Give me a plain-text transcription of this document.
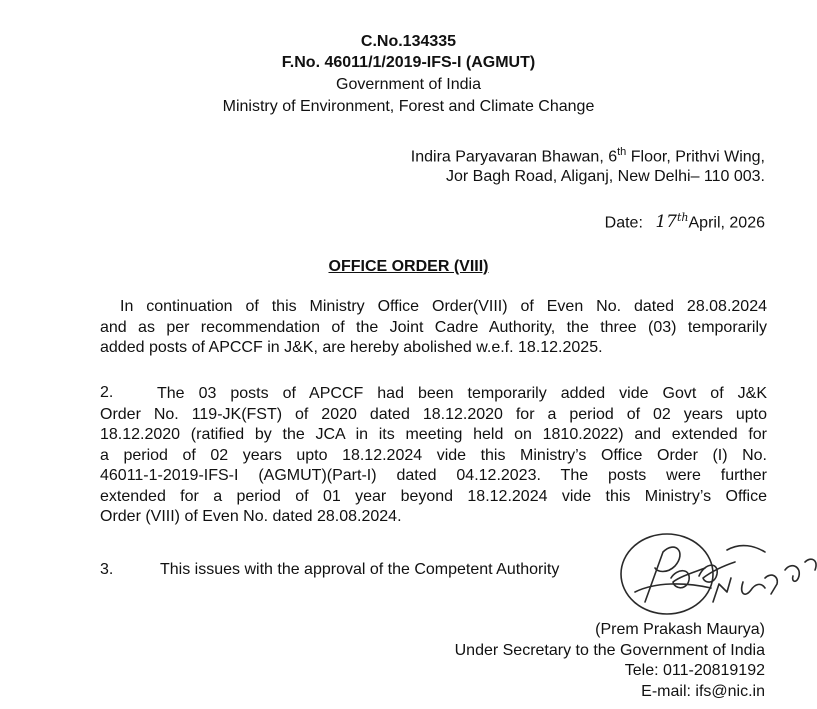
C.No.134335
F.No. 46011/1/2019-IFS-I (AGMUT)
Government of India
Ministry of Environment, Forest and Climate Change
Indira Paryavaran Bhawan, 6th Floor, Prithvi Wing,
Jor Bagh Road, Aliganj, New Delhi– 110 003.
Date: 17thApril, 2026
OFFICE ORDER (VIII)
In continuation of this Ministry Office Order(VIII) of Even No. dated 28.08.2024
and as per recommendation of the Joint Cadre Authority, the three (03) temporarily
added posts of APCCF in J&K, are hereby abolished w.e.f. 18.12.2025.
2.	The 03 posts of APCCF had been temporarily added vide Govt of J&K
Order No. 119-JK(FST) of 2020 dated 18.12.2020 for a period of 02 years upto
18.12.2020 (ratified by the JCA in its meeting held on 1810.2022) and extended for
a period of 02 years upto 18.12.2024 vide this Ministry’s Office Order (I) No.
46011-1-2019-IFS-I (AGMUT)(Part-I) dated 04.12.2023. The posts were further
extended for a period of 01 year beyond 18.12.2024 vide this Ministry’s Office
Order (VIII) of Even No. dated 28.08.2024.
3.	This issues with the approval of the Competent Authority
(Prem Prakash Maurya)
Under Secretary to the Government of India
Tele: 011-20819192
E-mail: ifs@nic.in
